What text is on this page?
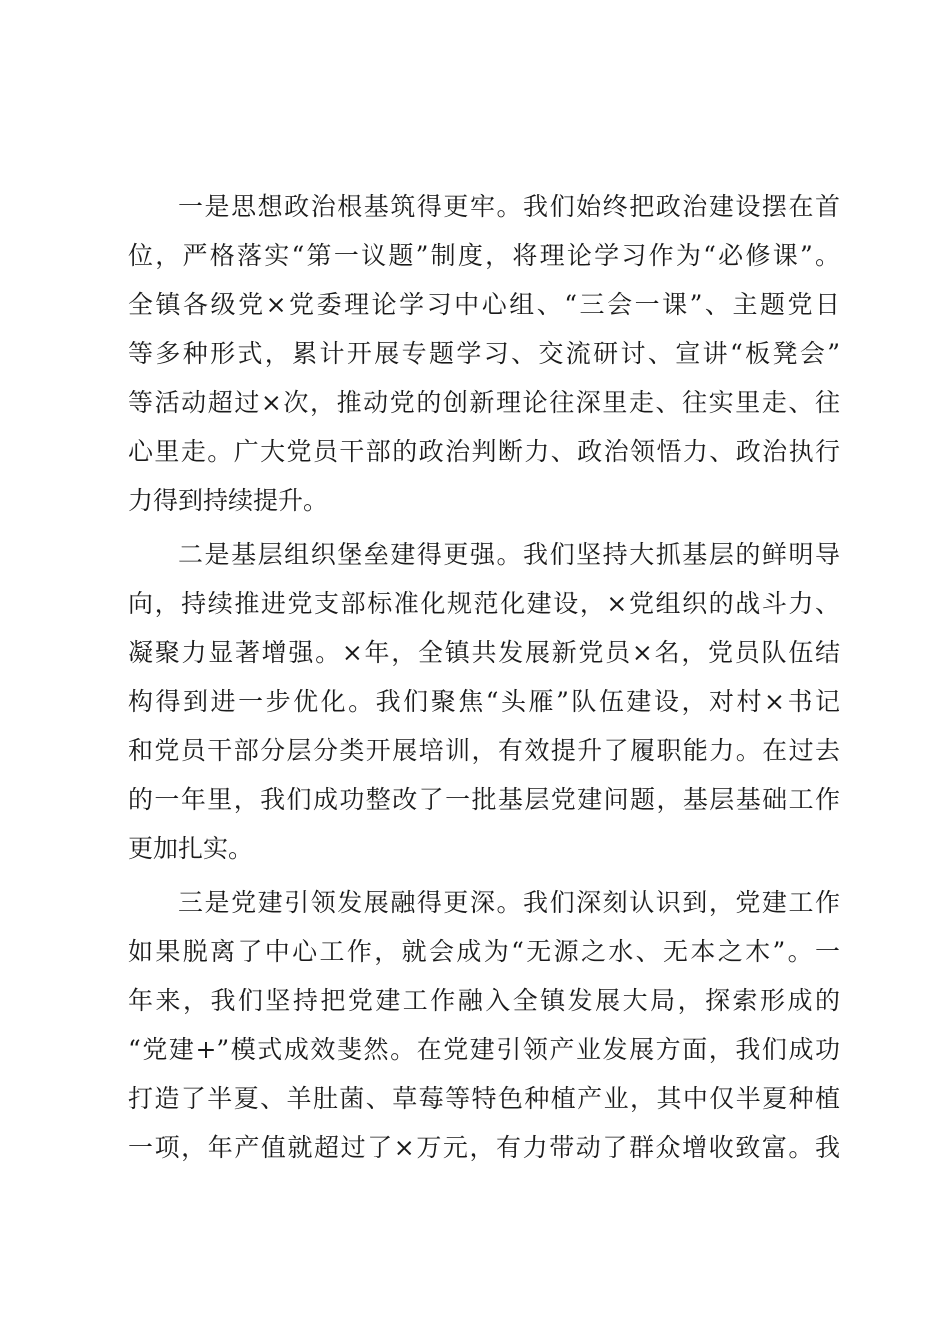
一是思想政治根基筑得更牢。我们始终把政治建设摆在首
位，严格落实“第一议题”制度，将理论学习作为“必修课”。
全镇各级党×党委理论学习中心组、“三会一课”、主题党日
等多种形式，累计开展专题学习、交流研讨、宣讲“板凳会”
等活动超过×次，推动党的创新理论往深里走、往实里走、往
心里走。广大党员干部的政治判断力、政治领悟力、政治执行
力得到持续提升。
二是基层组织堡垒建得更强。我们坚持大抓基层的鲜明导
向，持续推进党支部标准化规范化建设，×党组织的战斗力、
凝聚力显著增强。×年，全镇共发展新党员×名，党员队伍结
构得到进一步优化。我们聚焦“头雁”队伍建设，对村×书记
和党员干部分层分类开展培训，有效提升了履职能力。在过去
的一年里，我们成功整改了一批基层党建问题，基层基础工作
更加扎实。
三是党建引领发展融得更深。我们深刻认识到，党建工作
如果脱离了中心工作，就会成为“无源之水、无本之木”。一
年来，我们坚持把党建工作融入全镇发展大局，探索形成的
“党建+”模式成效斐然。在党建引领产业发展方面，我们成功
打造了半夏、羊肚菌、草莓等特色种植产业，其中仅半夏种植
一项，年产值就超过了×万元，有力带动了群众增收致富。我
